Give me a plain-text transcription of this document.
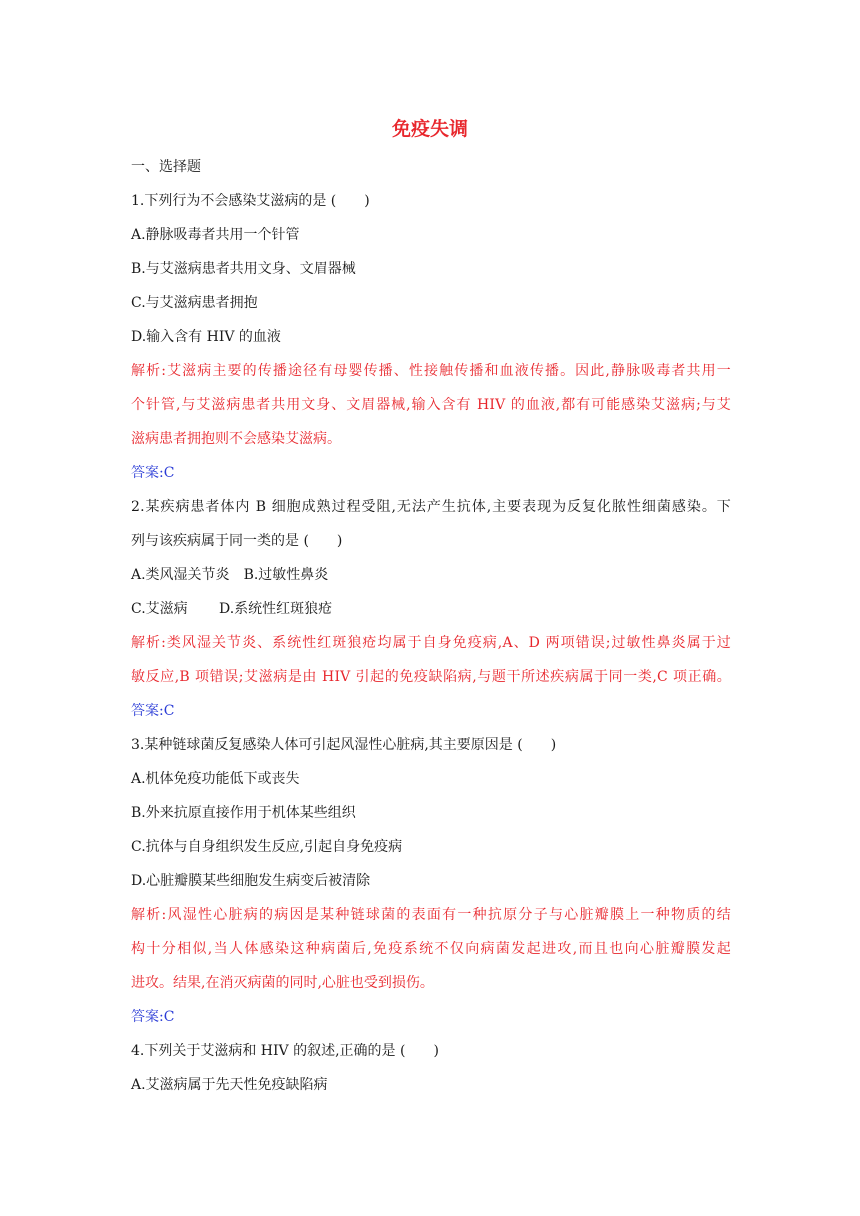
免疫失调
一、选择题
1.下列行为不会感染艾滋病的是 (　　)
A.静脉吸毒者共用一个针管
B.与艾滋病患者共用文身、文眉器械
C.与艾滋病患者拥抱
D.输入含有 HIV 的血液
解析:艾滋病主要的传播途径有母婴传播、性接触传播和血液传播。因此,静脉吸毒者共用一
个针管,与艾滋病患者共用文身、文眉器械,输入含有 HIV 的血液,都有可能感染艾滋病;与艾
滋病患者拥抱则不会感染艾滋病。
答案:C
2.某疾病患者体内 B 细胞成熟过程受阻,无法产生抗体,主要表现为反复化脓性细菌感染。下
列与该疾病属于同一类的是 (　　)
A.类风湿关节炎 B.过敏性鼻炎
C.艾滋病 D.系统性红斑狼疮
解析:类风湿关节炎、系统性红斑狼疮均属于自身免疫病,A、D 两项错误;过敏性鼻炎属于过
敏反应,B 项错误;艾滋病是由 HIV 引起的免疫缺陷病,与题干所述疾病属于同一类,C 项正确。
答案:C
3.某种链球菌反复感染人体可引起风湿性心脏病,其主要原因是 (　　)
A.机体免疫功能低下或丧失
B.外来抗原直接作用于机体某些组织
C.抗体与自身组织发生反应,引起自身免疫病
D.心脏瓣膜某些细胞发生病变后被清除
解析:风湿性心脏病的病因是某种链球菌的表面有一种抗原分子与心脏瓣膜上一种物质的结
构十分相似,当人体感染这种病菌后,免疫系统不仅向病菌发起进攻,而且也向心脏瓣膜发起
进攻。结果,在消灭病菌的同时,心脏也受到损伤。
答案:C
4.下列关于艾滋病和 HIV 的叙述,正确的是 (　　)
A.艾滋病属于先天性免疫缺陷病
